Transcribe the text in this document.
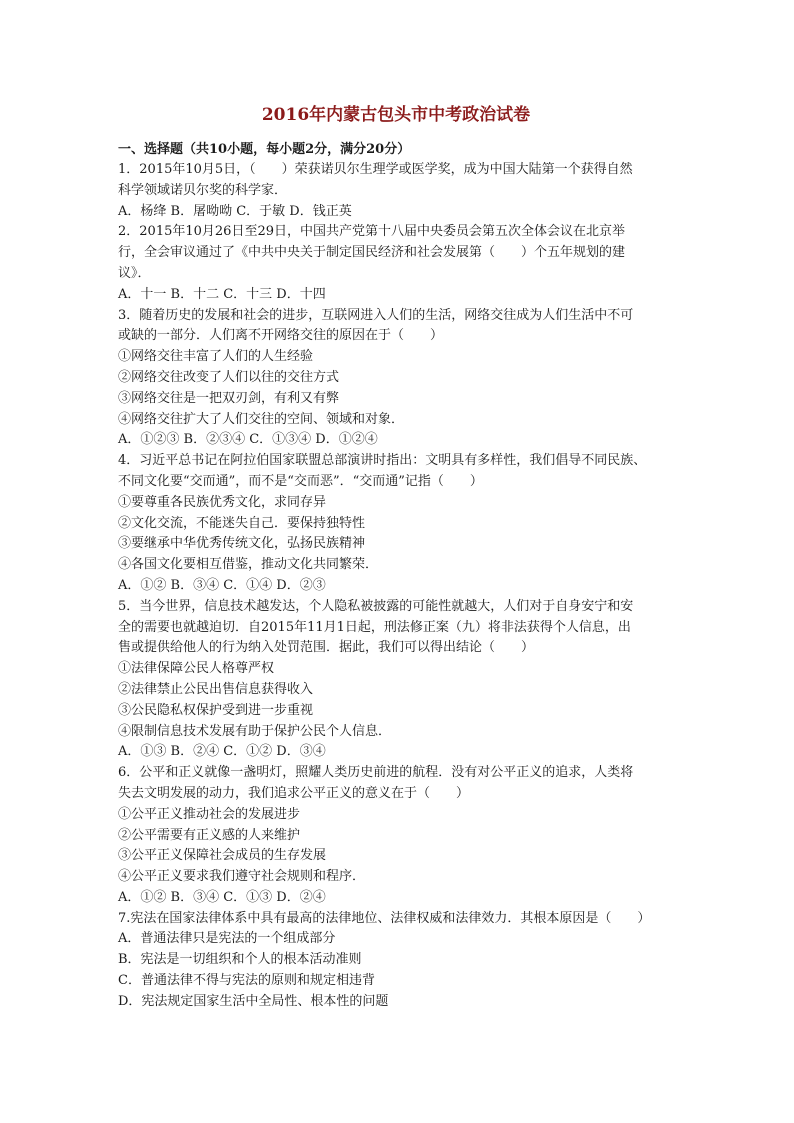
2016年内蒙古包头市中考政治试卷
一、选择题（共10小题，每小题2分，满分20分）
1．2015年10月5日，（　　）荣获诺贝尔生理学或医学奖，成为中国大陆第一个获得自然
科学领域诺贝尔奖的科学家．
A．杨绛 B．屠呦呦 C．于敏 D．钱正英
2．2015年10月26日至29日，中国共产党第十八届中央委员会第五次全体会议在北京举
行，全会审议通过了《中共中央关于制定国民经济和社会发展第（　　）个五年规划的建
议》．
A．十一 B．十二 C．十三 D．十四
3．随着历史的发展和社会的进步，互联网进入人们的生活，网络交往成为人们生活中不可
或缺的一部分．人们离不开网络交往的原因在于（　　）
①网络交往丰富了人们的人生经验
②网络交往改变了人们以往的交往方式
③网络交往是一把双刃剑，有利又有弊
④网络交往扩大了人们交往的空间、领域和对象．
A．①②③ B．②③④ C．①③④ D．①②④
4．习近平总书记在阿拉伯国家联盟总部演讲时指出：文明具有多样性，我们倡导不同民族、
不同文化要“交而通”，而不是“交而恶”．“交而通”记指（　　）
①要尊重各民族优秀文化，求同存异
②文化交流，不能迷失自己．要保持独特性
③要继承中华优秀传统文化，弘扬民族精神
④各国文化要相互借鉴，推动文化共同繁荣．
A．①② B．③④ C．①④ D．②③
5．当今世界，信息技术越发达，个人隐私被披露的可能性就越大，人们对于自身安宁和安
全的需要也就越迫切．自2015年11月1日起，刑法修正案（九）将非法获得个人信息，出
售或提供给他人的行为纳入处罚范围．据此，我们可以得出结论（　　）
①法律保障公民人格尊严权
②法律禁止公民出售信息获得收入
③公民隐私权保护受到进一步重视
④限制信息技术发展有助于保护公民个人信息．
A．①③ B．②④ C．①② D．③④
6．公平和正义就像一盏明灯，照耀人类历史前进的航程．没有对公平正义的追求，人类将
失去文明发展的动力，我们追求公平正义的意义在于（　　）
①公平正义推动社会的发展进步
②公平需要有正义感的人来维护
③公平正义保障社会成员的生存发展
④公平正义要求我们遵守社会规则和程序．
A．①② B．③④ C．①③ D．②④
7.宪法在国家法律体系中具有最高的法律地位、法律权威和法律效力．其根本原因是（　　）
A．普通法律只是宪法的一个组成部分
B．宪法是一切组织和个人的根本活动准则
C．普通法律不得与宪法的原则和规定相违背
D．宪法规定国家生活中全局性、根本性的问题
